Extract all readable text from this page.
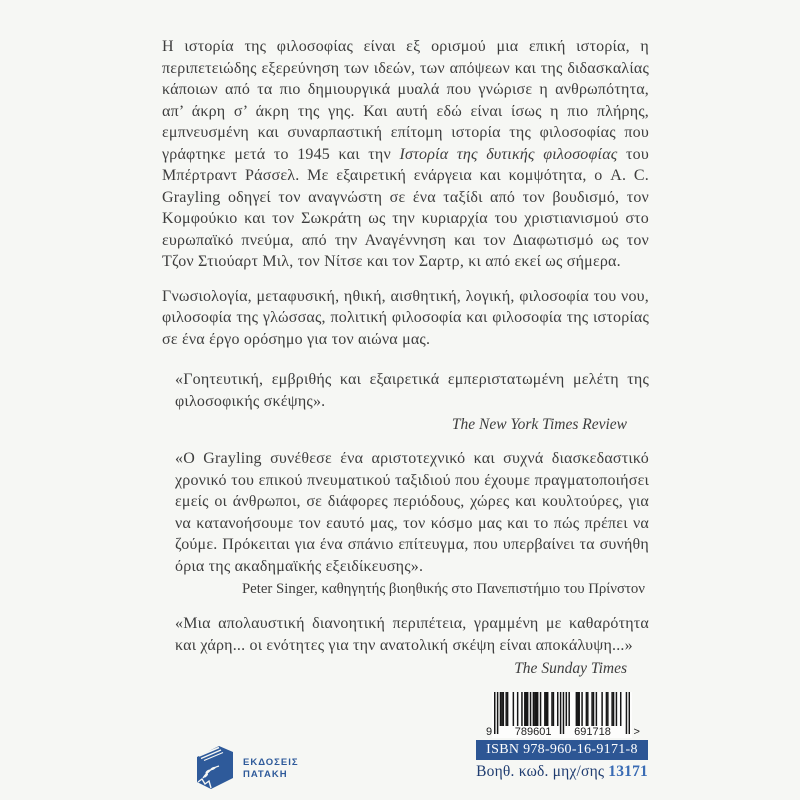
Η ιστορία της φιλοσοφίας είναι εξ ορισμού μια επική ιστορία, η περιπετειώδης εξερεύνηση των ιδεών, των απόψεων και της διδασκαλίας κάποιων από τα πιο δημιουργικά μυαλά που γνώρισε η ανθρωπότητα, απ’ άκρη σ’ άκρη της γης. Και αυτή εδώ είναι ίσως η πιο πλήρης, εμπνευσμένη και συναρπαστική επίτομη ιστορία της φιλοσοφίας που γράφτηκε μετά το 1945 και την Ιστορία της δυτικής φιλοσοφίας του Μπέρτραντ Ράσσελ. Με εξαιρετική ενάργεια και κομψότητα, ο A. C. Grayling οδηγεί τον αναγνώστη σε ένα ταξίδι από τον βουδισμό, τον Κομφούκιο και τον Σωκράτη ως την κυριαρχία του χριστιανισμού στο ευρωπαϊκό πνεύμα, από την Αναγέννηση και τον Διαφωτισμό ως τον Τζον Στιούαρτ Μιλ, τον Νίτσε και τον Σαρτρ, κι από εκεί ως σήμερα.

Γνωσιολογία, μεταφυσική, ηθική, αισθητική, λογική, φιλοσοφία του νου, φιλοσοφία της γλώσσας, πολιτική φιλοσοφία και φιλοσοφία της ιστορίας σε ένα έργο ορόσημο για τον αιώνα μας.

«Γοητευτική, εμβριθής και εξαιρετικά εμπεριστατωμένη μελέτη της φιλοσοφικής σκέψης».

The New York Times Review

«Ο Grayling συνέθεσε ένα αριστοτεχνικό και συχνά διασκεδαστικό χρονικό του επικού πνευματικού ταξιδιού που έχουμε πραγματοποιήσει εμείς οι άνθρωποι, σε διάφορες περιόδους, χώρες και κουλτούρες, για να κατανοήσουμε τον εαυτό μας, τον κόσμο μας και το πώς πρέπει να ζούμε. Πρόκειται για ένα σπάνιο επίτευγμα, που υπερβαίνει τα συνήθη όρια της ακαδημαϊκής εξειδίκευσης».

Peter Singer, καθηγητής βιοηθικής στο Πανεπιστήμιο του Πρίνστον

«Μια απολαυστική διανοητική περιπέτεια, γραμμένη με καθαρότητα και χάρη... οι ενότητες για την ανατολική σκέψη είναι αποκάλυψη...»

The Sunday Times

ΕΚΔΟΣΕΙΣ
ΠΑΤΑΚΗ
9 789601 691718 >
ISBN 978-960-16-9171-8
Βοηθ. κωδ. μηχ/σης 13171
